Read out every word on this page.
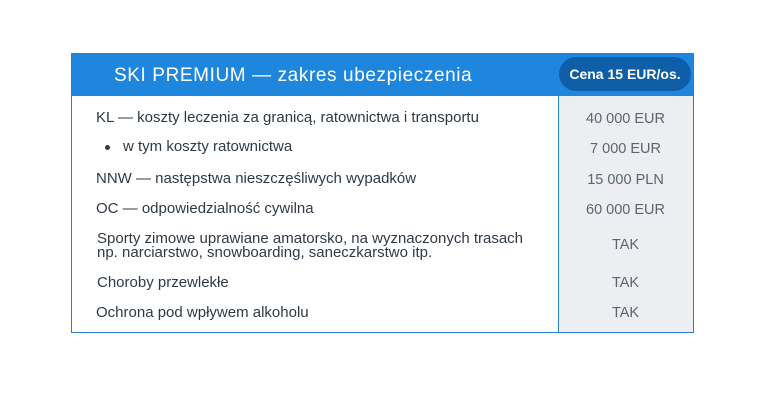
SKI PREMIUM — zakres ubezpieczenia	Cena 15 EUR/os.
KL — koszty leczenia za granicą, ratownictwa i transportu	40 000 EUR
w tym koszty ratownictwa	7 000 EUR
NNW — następstwa nieszczęśliwych wypadków	15 000 PLN
OC — odpowiedzialność cywilna	60 000 EUR
Sporty zimowe uprawiane amatorsko, na wyznaczonych trasach
np. narciarstwo, snowboarding, saneczkarstwo itp.	TAK
Choroby przewlekłe	TAK
Ochrona pod wpływem alkoholu	TAK
